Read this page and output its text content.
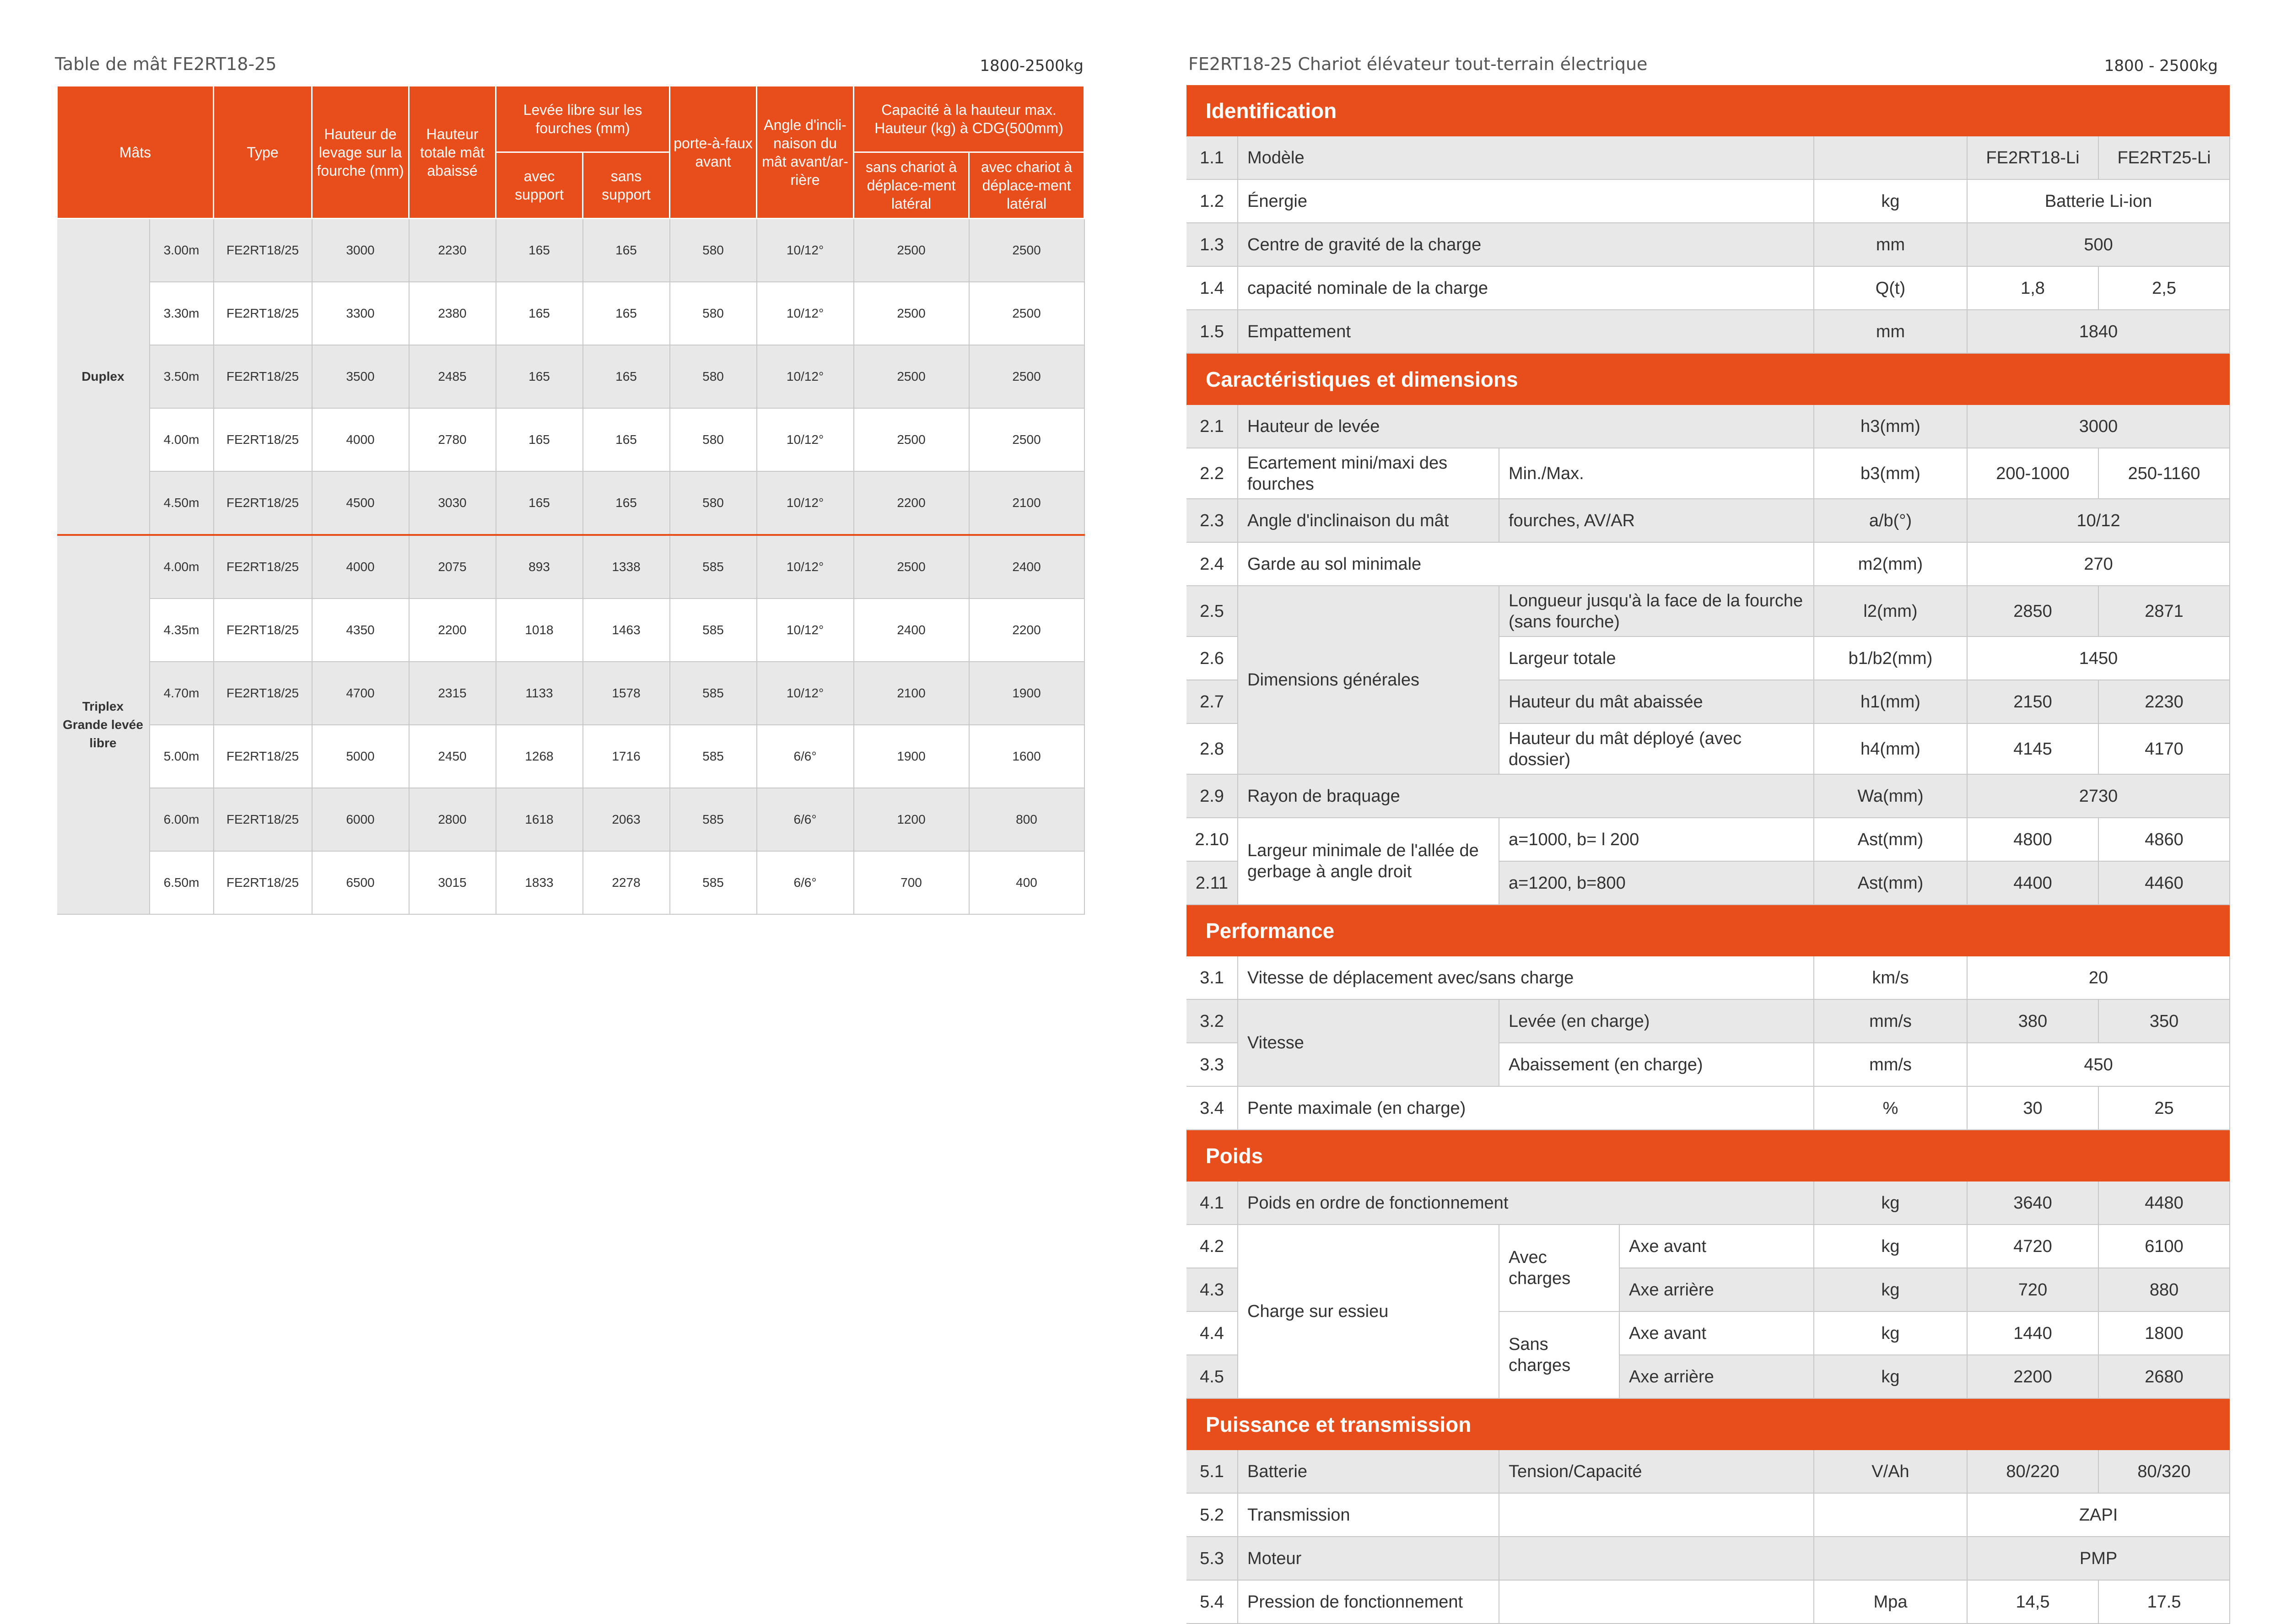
Table de mât FE2RT18-25	1800-2500kg
Mâts		Type	Hauteur de levage sur la fourche (mm)	Hauteur totale mât abaissé	Levée libre sur les fourches (mm)		porte-à-faux avant	Angle d'incli-naison du mât avant/ar-rière	Capacité à la hauteur max. Hauteur (kg) à CDG(500mm)	
					avec support	sans support			sans chariot à déplace-ment latéral	avec chariot à déplace-ment latéral
Duplex	3.00m	FE2RT18/25	3000	2230	165	165	580	10/12°	2500	2500
	3.30m	FE2RT18/25	3300	2380	165	165	580	10/12°	2500	2500
	3.50m	FE2RT18/25	3500	2485	165	165	580	10/12°	2500	2500
	4.00m	FE2RT18/25	4000	2780	165	165	580	10/12°	2500	2500
	4.50m	FE2RT18/25	4500	3030	165	165	580	10/12°	2200	2100
Triplex Grande levée libre	4.00m	FE2RT18/25	4000	2075	893	1338	585	10/12°	2500	2400
	4.35m	FE2RT18/25	4350	2200	1018	1463	585	10/12°	2400	2200
	4.70m	FE2RT18/25	4700	2315	1133	1578	585	10/12°	2100	1900
	5.00m	FE2RT18/25	5000	2450	1268	1716	585	6/6°	1900	1600
	6.00m	FE2RT18/25	6000	2800	1618	2063	585	6/6°	1200	800
	6.50m	FE2RT18/25	6500	3015	1833	2278	585	6/6°	700	400
FE2RT18-25 Chariot élévateur tout-terrain électrique	1800 - 2500kg
Identification						
1.1	Modèle				FE2RT18-Li	FE2RT25-Li
1.2	Énergie			kg	Batterie Li-ion	
1.3	Centre de gravité de la charge			mm	500	
1.4	capacité nominale de la charge			Q(t)	1,8	2,5
1.5	Empattement			mm	1840	
Caractéristiques et dimensions						
2.1	Hauteur de levée			h3(mm)	3000	
2.2	Ecartement mini/maxi des fourches	Min./Max.		b3(mm)	200-1000	250-1160
2.3	Angle d'inclinaison du mât	fourches, AV/AR		a/b(°)	10/12	
2.4	Garde au sol minimale			m2(mm)	270	
2.5	Dimensions générales	Longueur jusqu'à la face de la fourche (sans fourche)		l2(mm)	2850	2871
2.6		Largeur totale		b1/b2(mm)	1450	
2.7		Hauteur du mât abaissée		h1(mm)	2150	2230
2.8		Hauteur du mât déployé (avec dossier)		h4(mm)	4145	4170
2.9	Rayon de braquage			Wa(mm)	2730	
2.10	Largeur minimale de l'allée de gerbage à angle droit	a=1000, b= l 200		Ast(mm)	4800	4860
2.11		a=1200, b=800		Ast(mm)	4400	4460
Performance						
3.1	Vitesse de déplacement avec/sans charge			km/s	20	
3.2	Vitesse	Levée (en charge)		mm/s	380	350
3.3		Abaissement (en charge)		mm/s	450	
3.4	Pente maximale (en charge)			%	30	25
Poids						
4.1	Poids en ordre de fonctionnement			kg	3640	4480
4.2	Charge sur essieu	Avec charges	Axe avant	kg	4720	6100
4.3			Axe arrière	kg	720	880
4.4		Sans charges	Axe avant	kg	1440	1800
4.5			Axe arrière	kg	2200	2680
Puissance et transmission						
5.1	Batterie	Tension/Capacité		V/Ah	80/220	80/320
5.2	Transmission				ZAPI	
5.3	Moteur				PMP	
5.4	Pression de fonctionnement			Mpa	14,5	17.5
